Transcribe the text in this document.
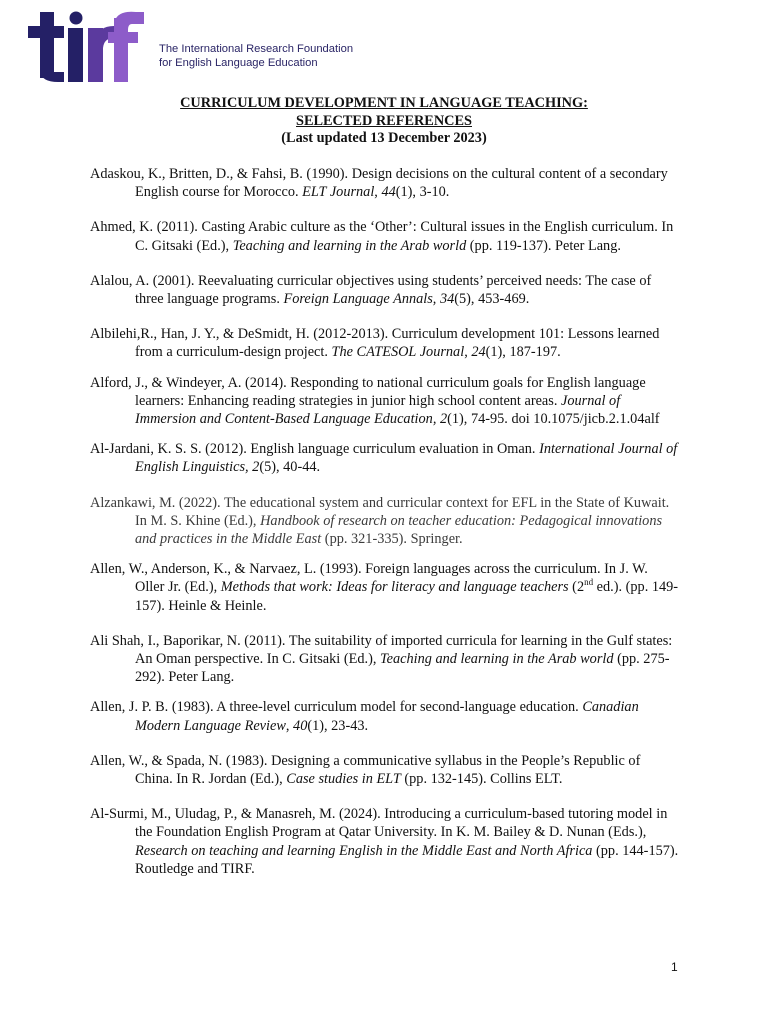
The International Research Foundation
for English Language Education
CURRICULUM DEVELOPMENT IN LANGUAGE TEACHING:
SELECTED REFERENCES
(Last updated 13 December 2023)

Adaskou, K., Britten, D., & Fahsi, B. (1990). Design decisions on the cultural content of a secondary English course for Morocco. ELT Journal, 44(1), 3-10.

Ahmed, K. (2011). Casting Arabic culture as the ‘Other’: Cultural issues in the English curriculum. In C. Gitsaki (Ed.), Teaching and learning in the Arab world (pp. 119-137). Peter Lang.

Alalou, A. (2001). Reevaluating curricular objectives using students’ perceived needs: The case of three language programs. Foreign Language Annals, 34(5), 453-469.

Albilehi,R., Han, J. Y., & DeSmidt, H. (2012-2013). Curriculum development 101: Lessons learned from a curriculum-design project. The CATESOL Journal, 24(1), 187-197.

Alford, J., & Windeyer, A. (2014). Responding to national curriculum goals for English language learners: Enhancing reading strategies in junior high school content areas. Journal of Immersion and Content-Based Language Education, 2(1), 74-95. doi 10.1075/jicb.2.1.04alf

Al-Jardani, K. S. S. (2012). English language curriculum evaluation in Oman. International Journal of English Linguistics, 2(5), 40-44.

Alzankawi, M. (2022). The educational system and curricular context for EFL in the State of Kuwait. In M. S. Khine (Ed.), Handbook of research on teacher education: Pedagogical innovations and practices in the Middle East (pp. 321-335). Springer.

Allen, W., Anderson, K., & Narvaez, L. (1993). Foreign languages across the curriculum. In J. W. Oller Jr. (Ed.), Methods that work: Ideas for literacy and language teachers (2nd ed.). (pp. 149-157). Heinle & Heinle.

Ali Shah, I., Baporikar, N. (2011). The suitability of imported curricula for learning in the Gulf states: An Oman perspective. In C. Gitsaki (Ed.), Teaching and learning in the Arab world (pp. 275-292). Peter Lang.

Allen, J. P. B. (1983). A three-level curriculum model for second-language education. Canadian Modern Language Review, 40(1), 23-43.

Allen, W., & Spada, N. (1983). Designing a communicative syllabus in the People’s Republic of China. In R. Jordan (Ed.), Case studies in ELT (pp. 132-145). Collins ELT.

Al-Surmi, M., Uludag, P., & Manasreh, M. (2024). Introducing a curriculum-based tutoring model in the Foundation English Program at Qatar University. In K. M. Bailey & D. Nunan (Eds.), Research on teaching and learning English in the Middle East and North Africa (pp. 144-157). Routledge and TIRF.

1
